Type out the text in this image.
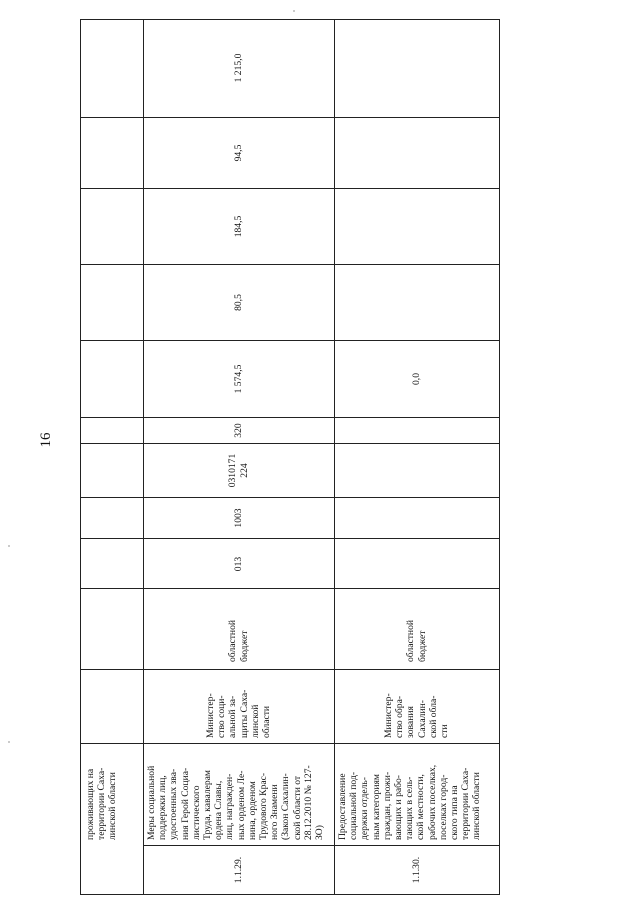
16
проживающих на
территории Саха-
линской области
1 215,0
1.1.29.
Меры социальной
поддержки лиц,
удостоенных зва-
ния Герой Социа-
листического
Труда, кавалерам
ордена Славы,
лиц, награжден-
ных орденом Ле-
нина, орденом
Трудового Крас-
ного Знамени
(Закон Сахалин-
ской области от
28.12.2010 № 127-
ЗО)
Министер-
ство соци-
альной за-
щиты Саха-
линской
области
областной
бюджет
013
1003
0310171
224
320
1 574,5
80,5
184,5
94,5
1.1.30.
Предоставление
социальной под-
держки отдель-
ным категориям
граждан, прожи-
вающих и рабо-
тающих в сель-
ской местности,
рабочих поселках,
поселках город-
ского типа на
территории Саха-
линской области
Министер-
ство обра-
зования
Сахалин-
ской обла-
сти
областной
бюджет
0,0
